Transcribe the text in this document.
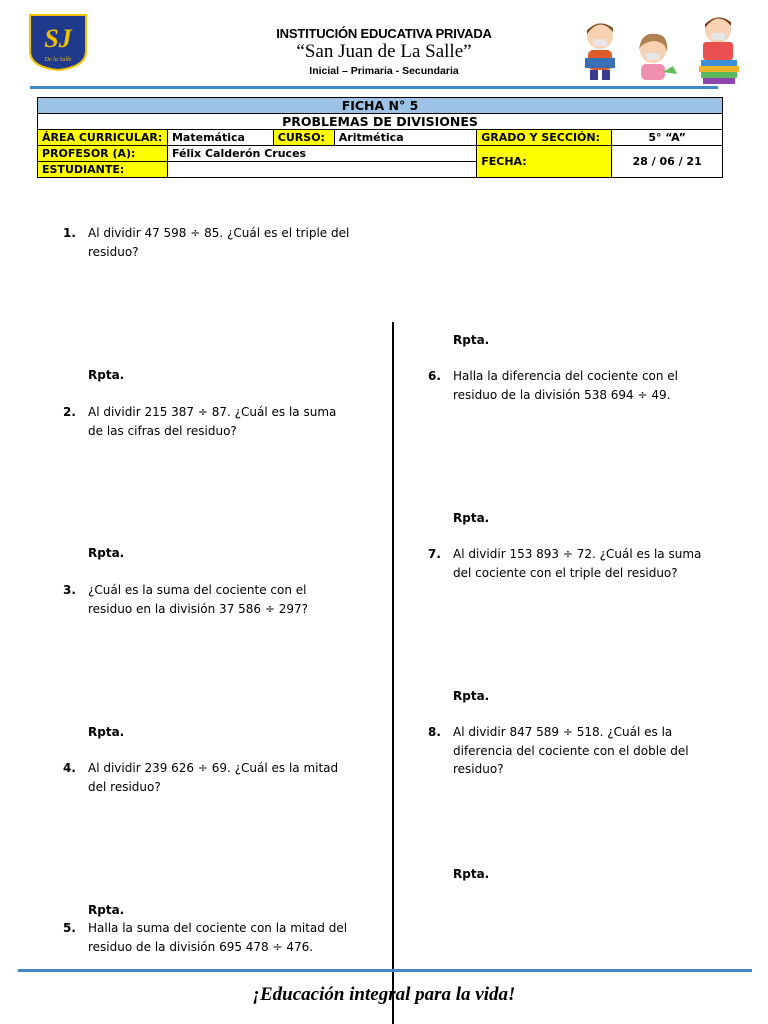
SJ
De la Salle
INSTITUCIÓN EDUCATIVA PRIVADA
“San Juan de La Salle”
Inicial – Primaria - Secundaria
FICHA N° 5					
PROBLEMAS DE DIVISIONES					
ÁREA CURRICULAR:	Matemática	CURSO:	Aritmética	GRADO Y SECCIÓN:	5° “A”
PROFESOR (A):	Félix Calderón Cruces			FECHA:	28 / 06 / 21
ESTUDIANTE:					
1.	Al dividir 47 598 ÷ 85. ¿Cuál es el triple del
residuo?
Rpta.
2.	Al dividir 215 387 ÷ 87. ¿Cuál es la suma
de las cifras del residuo?
Rpta.
3.	¿Cuál es la suma del cociente con el
residuo en la división 37 586 ÷ 297?
Rpta.
4.	Al dividir 239 626 ÷ 69. ¿Cuál es la mitad
del residuo?
Rpta.
5.	Halla la suma del cociente con la mitad del
residuo de la división 695 478 ÷ 476.
Rpta.
6.	Halla la diferencia del cociente con el
residuo de la división 538 694 ÷ 49.
Rpta.
7.	Al dividir 153 893 ÷ 72. ¿Cuál es la suma
del cociente con el triple del residuo?
Rpta.
8.	Al dividir 847 589 ÷ 518. ¿Cuál es la
diferencia del cociente con el doble del
residuo?
Rpta.
¡Educación integral para la vida!
